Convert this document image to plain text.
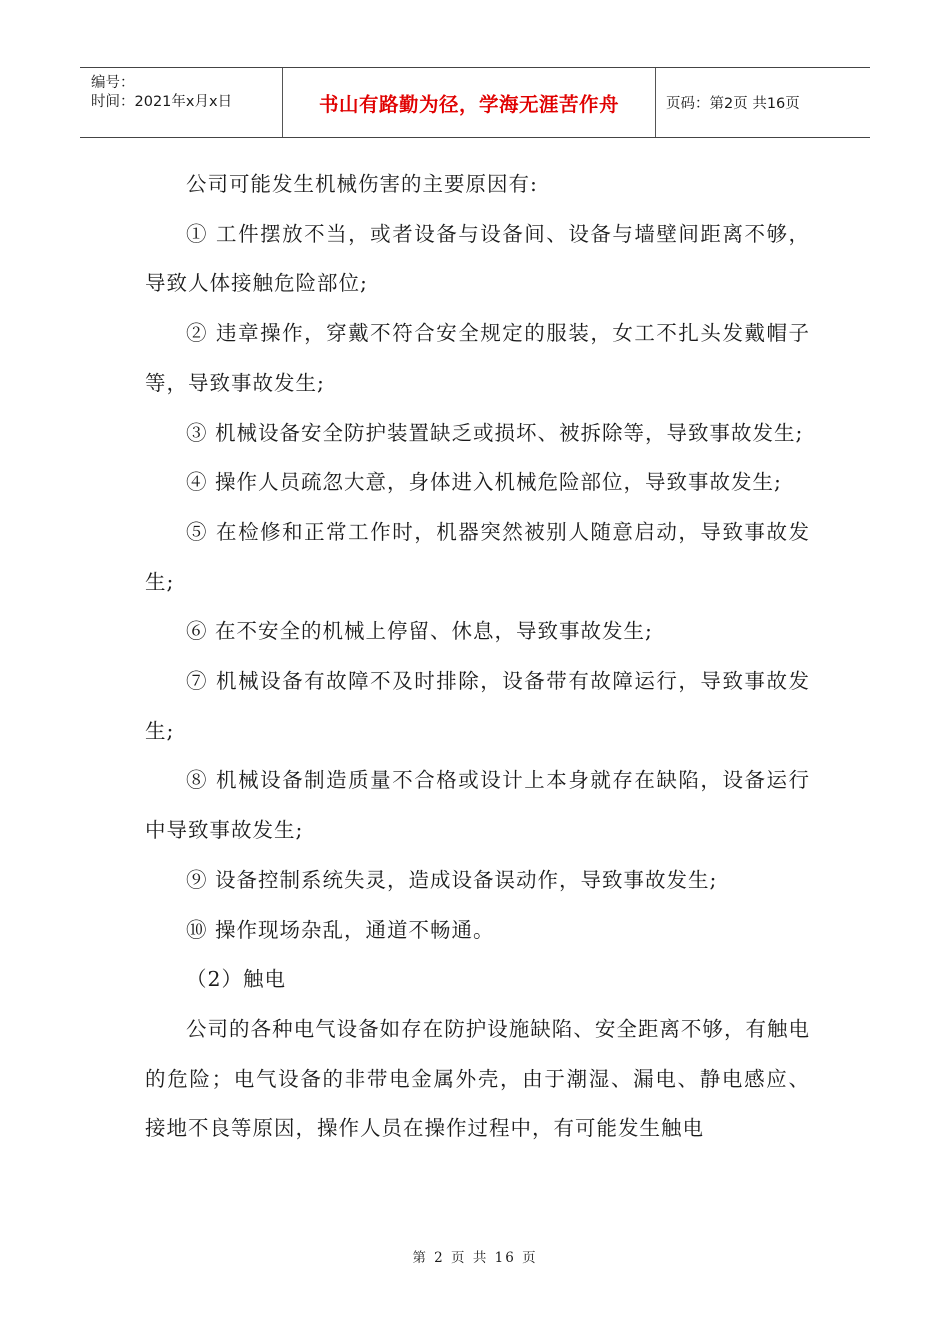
编号：
时间：2021年x月x日	书山有路勤为径，学海无涯苦作舟	页码：第2页 共16页

公司可能发生机械伤害的主要原因有:

① 工件摆放不当，或者设备与设备间、设备与墙壁间距离不够，导致人体接触危险部位;

② 违章操作，穿戴不符合安全规定的服装，女工不扎头发戴帽子等，导致事故发生;

③ 机械设备安全防护装置缺乏或损坏、被拆除等，导致事故发生;

④ 操作人员疏忽大意，身体进入机械危险部位，导致事故发生;

⑤ 在检修和正常工作时，机器突然被别人随意启动，导致事故发生;

⑥ 在不安全的机械上停留、休息，导致事故发生;

⑦ 机械设备有故障不及时排除，设备带有故障运行，导致事故发生;

⑧ 机械设备制造质量不合格或设计上本身就存在缺陷，设备运行中导致事故发生;

⑨ 设备控制系统失灵，造成设备误动作，导致事故发生;

⑩ 操作现场杂乱，通道不畅通。

（2）触电

公司的各种电气设备如存在防护设施缺陷、安全距离不够，有触电的危险；电气设备的非带电金属外壳，由于潮湿、漏电、静电感应、接地不良等原因，操作人员在操作过程中，有可能发生触电

第 2 页 共 16 页
